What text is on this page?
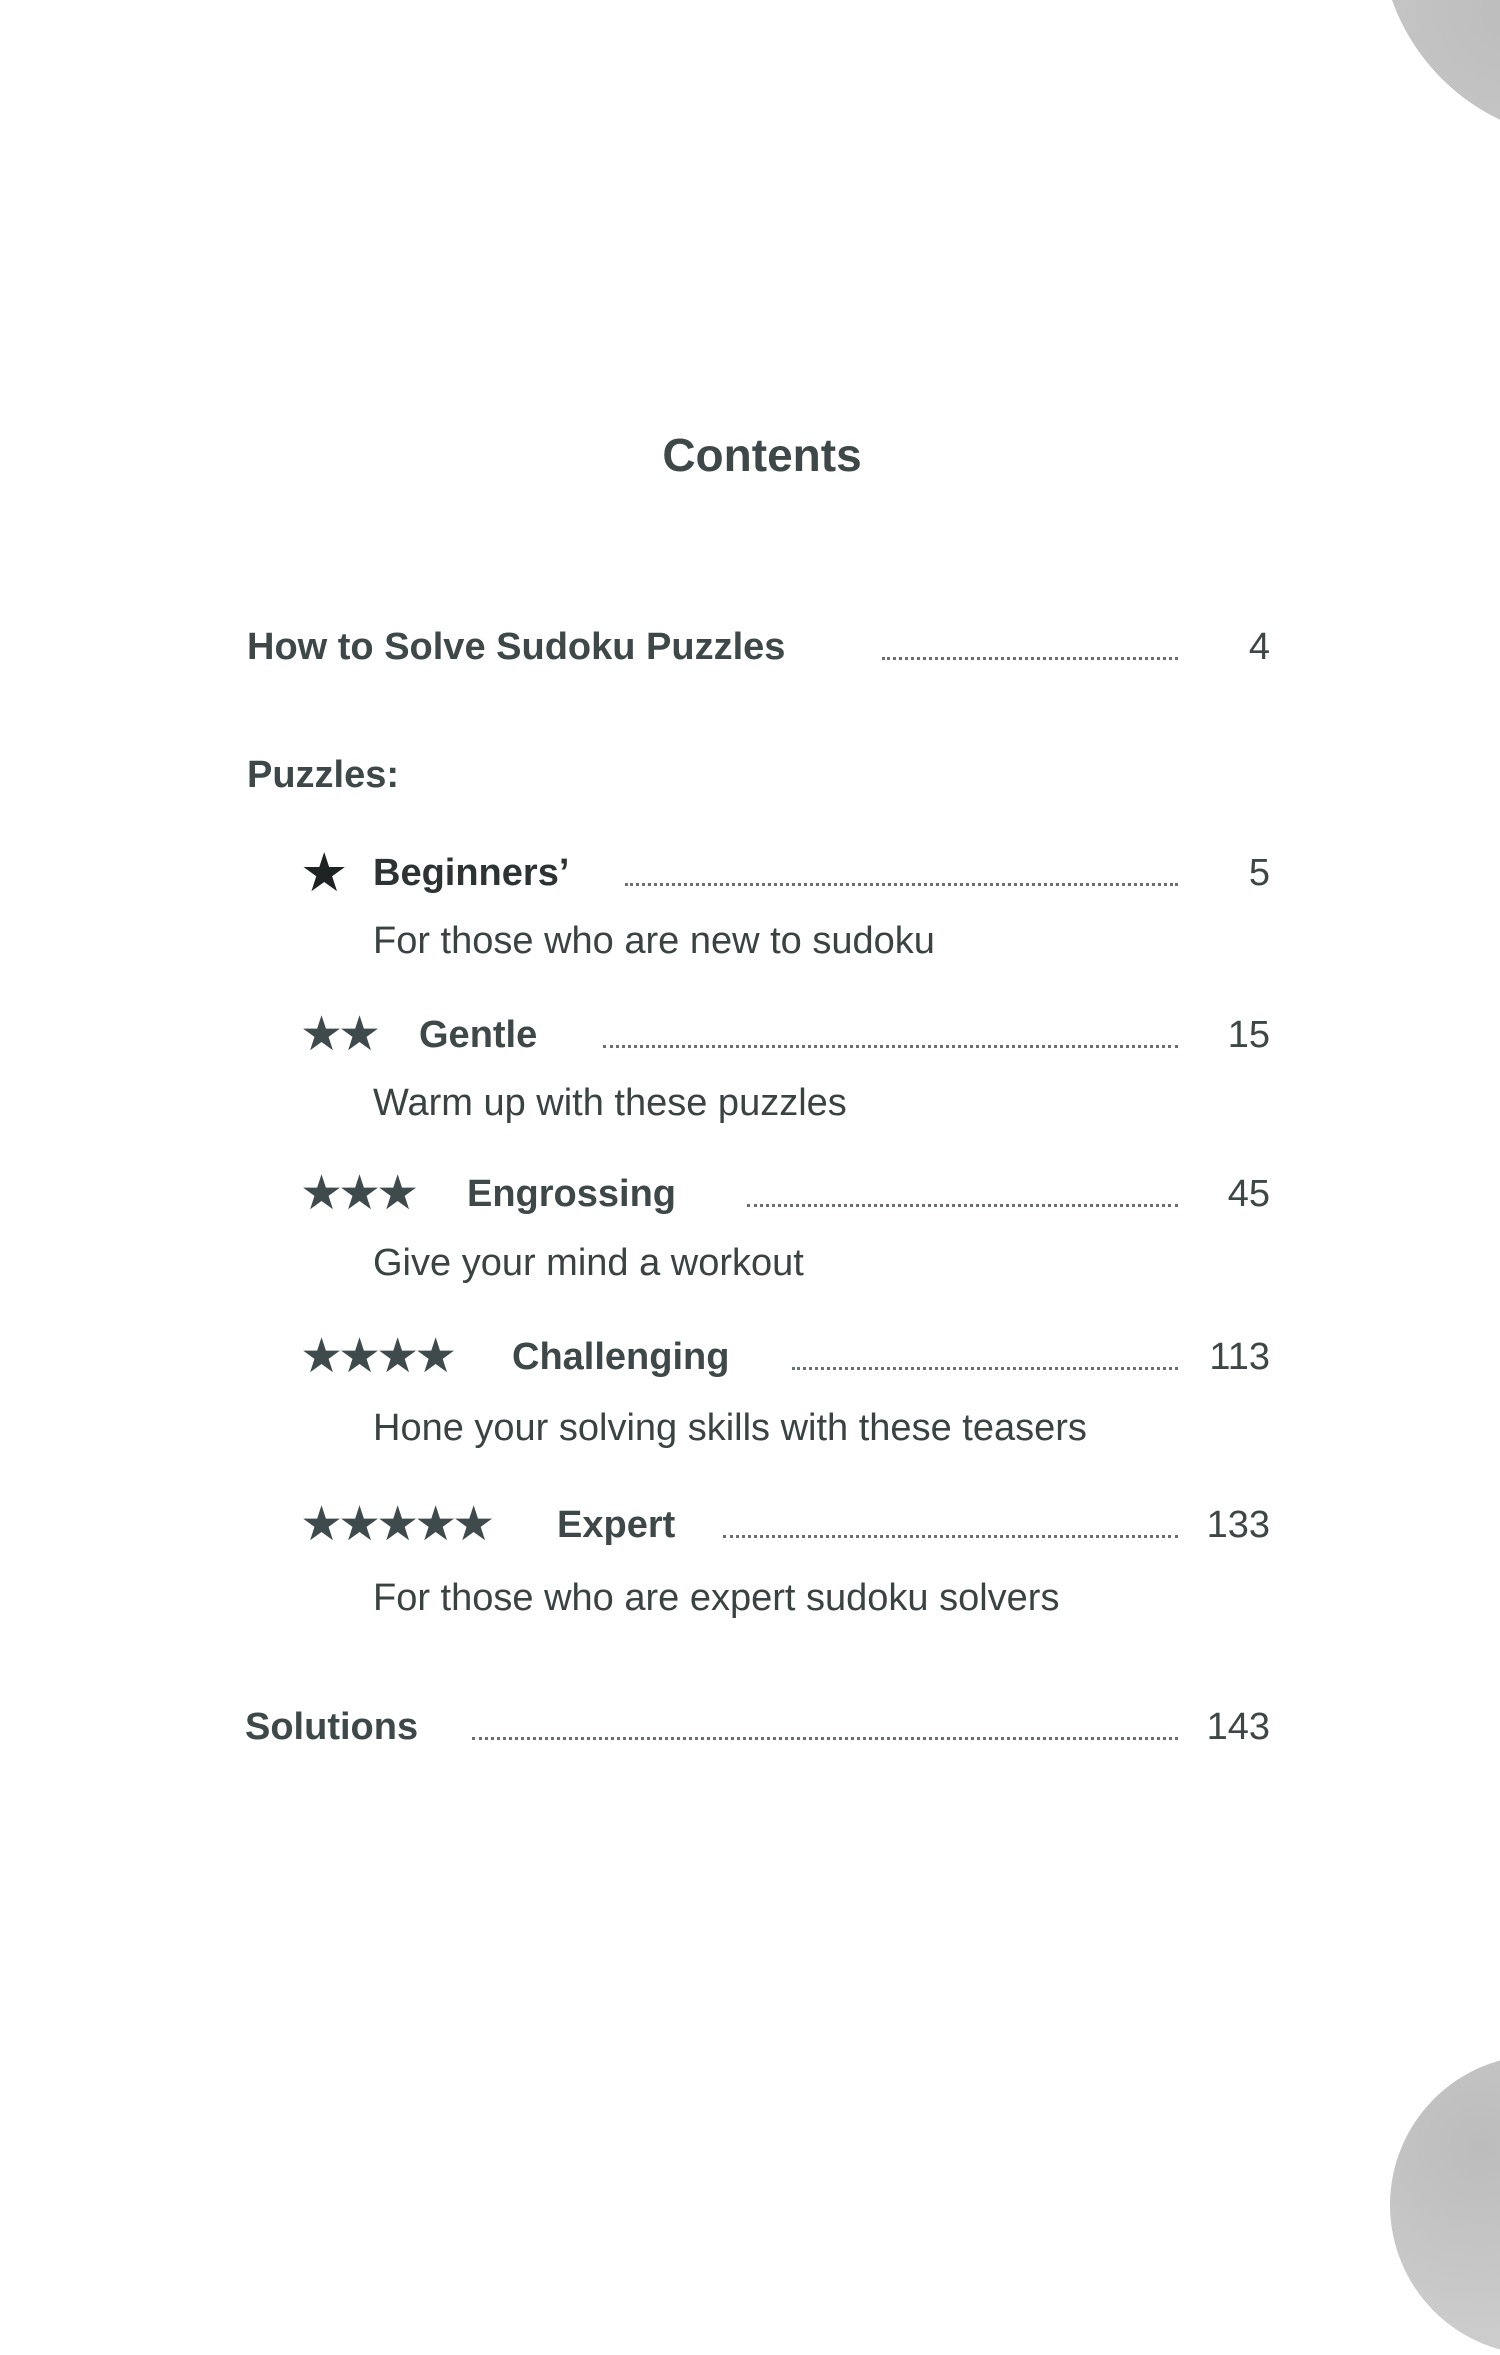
Contents
How to Solve Sudoku Puzzles	4
Puzzles:
★ Beginners’	5
For those who are new to sudoku
★★ Gentle	15
Warm up with these puzzles
★★★ Engrossing	45
Give your mind a workout
★★★★ Challenging	113
Hone your solving skills with these teasers
★★★★★ Expert	133
For those who are expert sudoku solvers
Solutions	143
